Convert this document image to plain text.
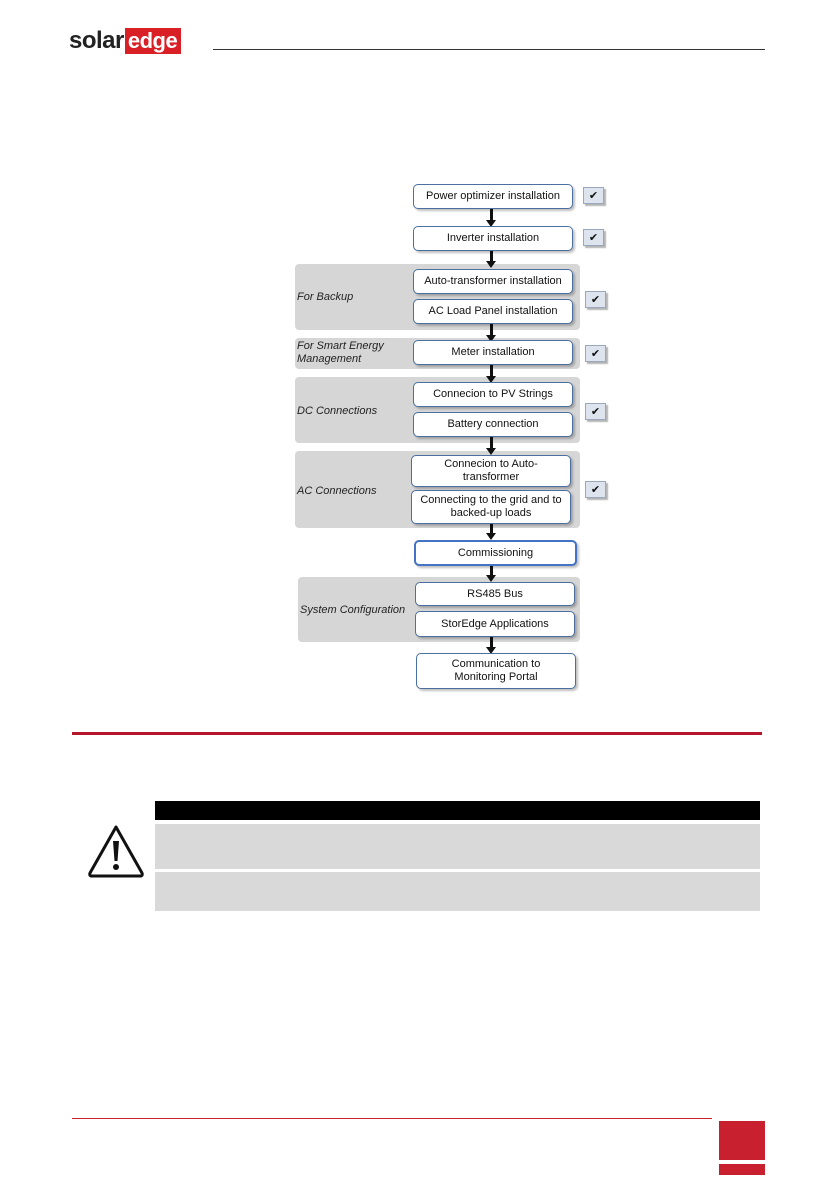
solar edge
For Backup
For Smart Energy Management
DC Connections
AC Connections
System Configuration
Power optimizer installation
Inverter installation
Auto-transformer installation
AC Load Panel installation
Meter installation
Connecion to PV Strings
Battery connection
Connecion to Auto-transformer
Connecting to the grid and to backed-up loads
Commissioning
RS485 Bus
StorEdge Applications
Communication to Monitoring Portal
✔
✔
✔
✔
✔
✔
